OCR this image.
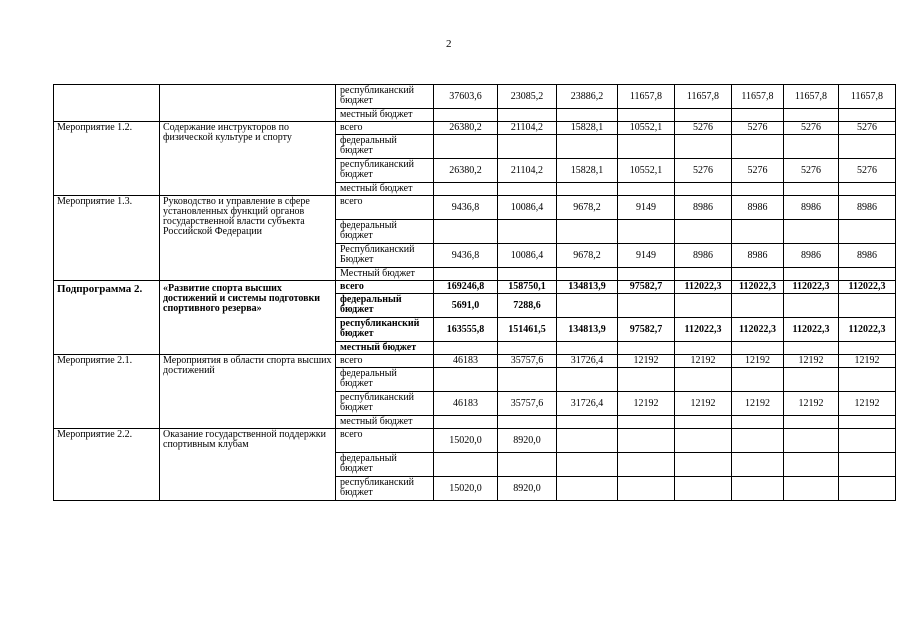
2
		республиканский бюджет	37603,6	23085,2	23886,2	11657,8	11657,8	11657,8	11657,8	11657,8
		местный бюджет								
Мероприятие 1.2.	Содержание инструкторов по физической культуре и спорту	всего	26380,2	21104,2	15828,1	10552,1	5276	5276	5276	5276
		федеральный бюджет								
		республиканский бюджет	26380,2	21104,2	15828,1	10552,1	5276	5276	5276	5276
		местный бюджет								
Мероприятие 1.3.	Руководство и управление в сфере установленных функций органов государственной власти субъекта Российской Федерации	всего	9436,8	10086,4	9678,2	9149	8986	8986	8986	8986
		федеральный бюджет								
		Республиканский Бюджет	9436,8	10086,4	9678,2	9149	8986	8986	8986	8986
		Местный бюджет								
Подпрограмма 2.	«Развитие спорта высших достижений и системы подготовки спортивного резерва»	всего	169246,8	158750,1	134813,9	97582,7	112022,3	112022,3	112022,3	112022,3
		федеральный бюджет	5691,0	7288,6						
		республиканский бюджет	163555,8	151461,5	134813,9	97582,7	112022,3	112022,3	112022,3	112022,3
		местный бюджет								
Мероприятие 2.1.	Мероприятия в области спорта высших достижений	всего	46183	35757,6	31726,4	12192	12192	12192	12192	12192
		федеральный бюджет								
		республиканский бюджет	46183	35757,6	31726,4	12192	12192	12192	12192	12192
		местный бюджет								
Мероприятие 2.2.	Оказание государственной поддержки спортивным клубам	всего	15020,0	8920,0						
		федеральный бюджет								
		республиканский бюджет	15020,0	8920,0						
